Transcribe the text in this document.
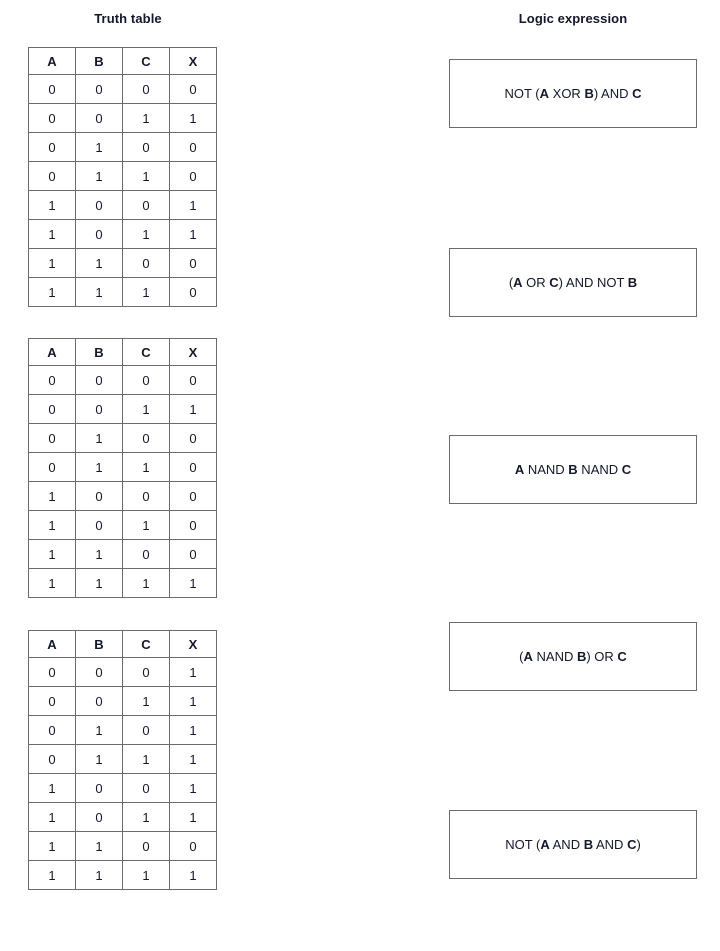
Truth table	Logic expression
A	B	C	X
0	0	0	0
0	0	1	1
0	1	0	0
0	1	1	0
1	0	0	1
1	0	1	1
1	1	0	0
1	1	1	0
A	B	C	X
0	0	0	0
0	0	1	1
0	1	0	0
0	1	1	0
1	0	0	0
1	0	1	0
1	1	0	0
1	1	1	1
A	B	C	X
0	0	0	1
0	0	1	1
0	1	0	1
0	1	1	1
1	0	0	1
1	0	1	1
1	1	0	0
1	1	1	1
NOT (A XOR B) AND C
(A OR C) AND NOT B
A NAND B NAND C
(A NAND B) OR C
NOT (A AND B AND C)
